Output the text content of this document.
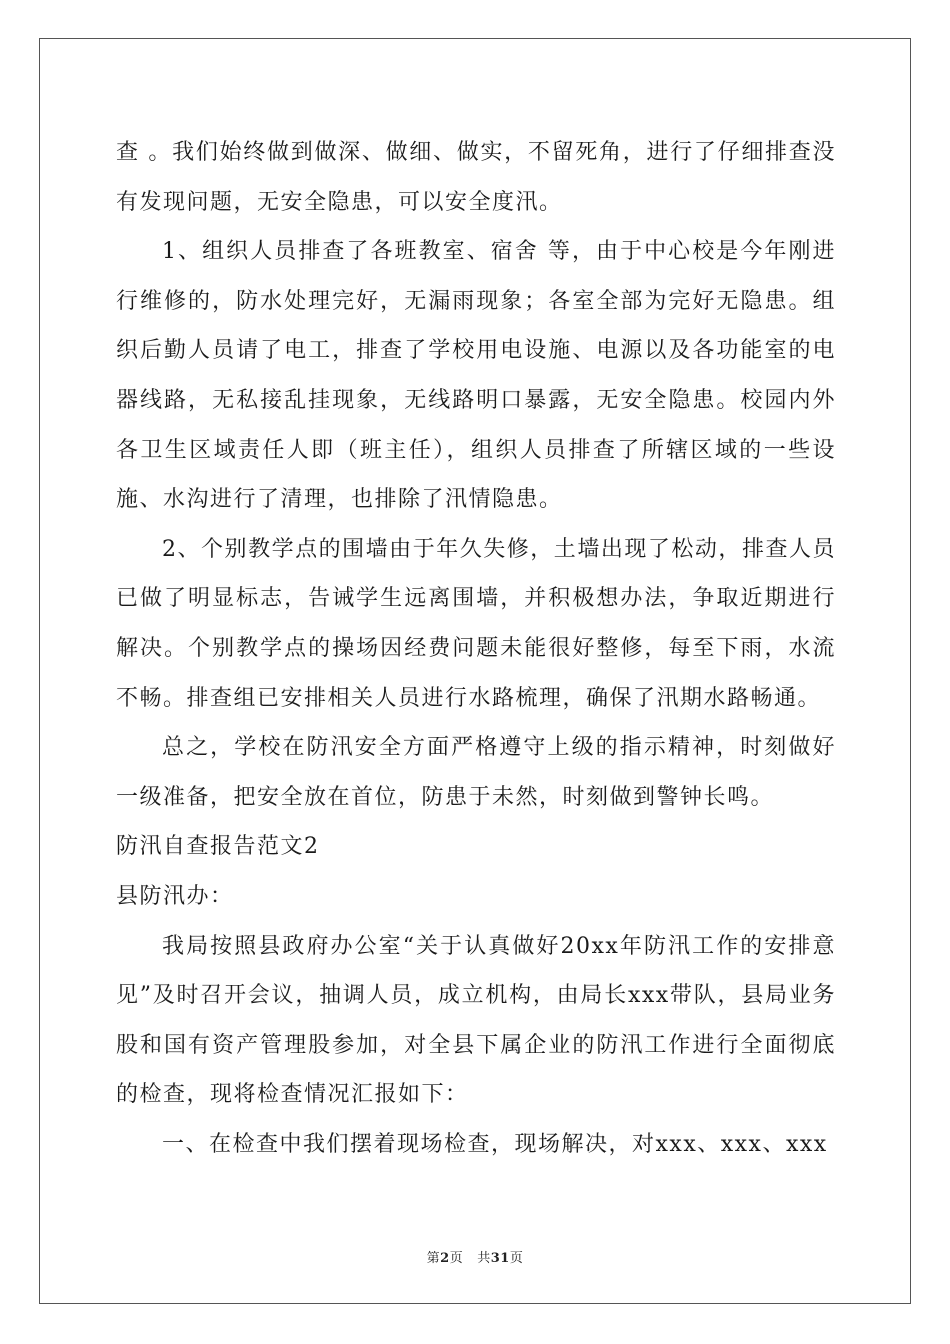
查 。我们始终做到做深、做细、做实，不留死角，进行了仔细排查没有发现问题，无安全隐患，可以安全度汛。

1、组织人员排查了各班教室、宿舍 等，由于中心校是今年刚进行维修的，防水处理完好，无漏雨现象；各室全部为完好无隐患。组织后勤人员请了电工，排查了学校用电设施、电源以及各功能室的电器线路，无私接乱挂现象，无线路明口暴露，无安全隐患。校园内外各卫生区域责任人即（班主任），组织人员排查了所辖区域的一些设施、水沟进行了清理，也排除了汛情隐患。

2、个别教学点的围墙由于年久失修，土墙出现了松动，排查人员已做了明显标志，告诫学生远离围墙，并积极想办法，争取近期进行解决。个别教学点的操场因经费问题未能很好整修，每至下雨，水流不畅。排查组已安排相关人员进行水路梳理，确保了汛期水路畅通。

总之，学校在防汛安全方面严格遵守上级的指示精神，时刻做好一级准备，把安全放在首位，防患于未然，时刻做到警钟长鸣。

防汛自查报告范文2

县防汛办：

我局按照县政府办公室“关于认真做好20xx年防汛工作的安排意见”及时召开会议，抽调人员，成立机构，由局长xxx带队，县局业务股和国有资产管理股参加，对全县下属企业的防汛工作进行全面彻底的检查，现将检查情况汇报如下：

一、在检查中我们摆着现场检查，现场解决，对xxx、xxx、xxx

第2页 共31页
